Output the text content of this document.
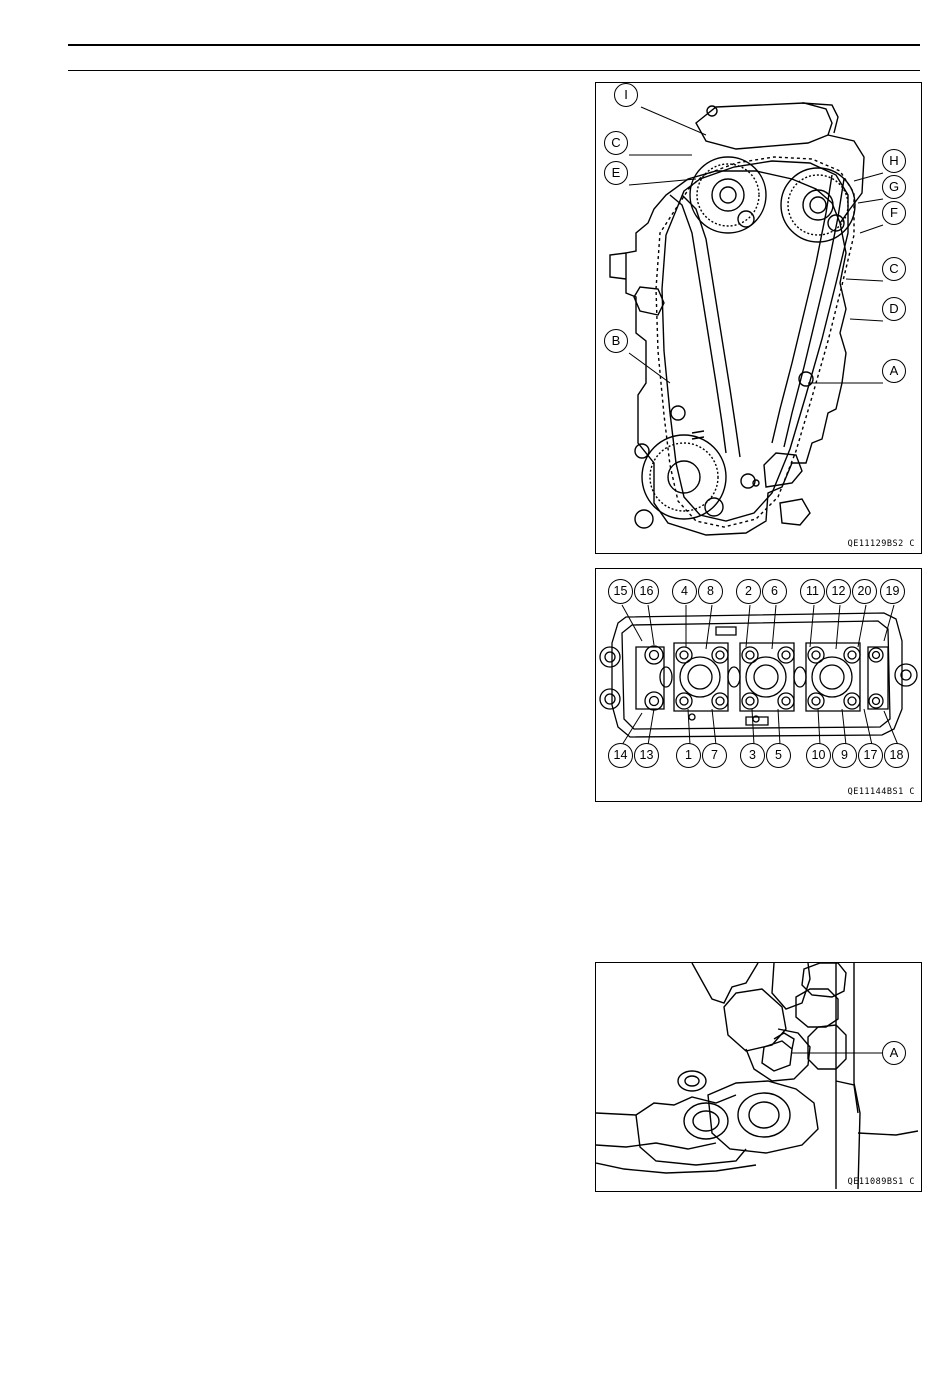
I
C
E
H
G
F
C
D
B
A
QE11129BS2 C
15 16	4	8	2	6	11	12 20	19
14 13	1	7	3	5	10	9	17 18
QE11144BS1 C
A
QE11089BS1 C
